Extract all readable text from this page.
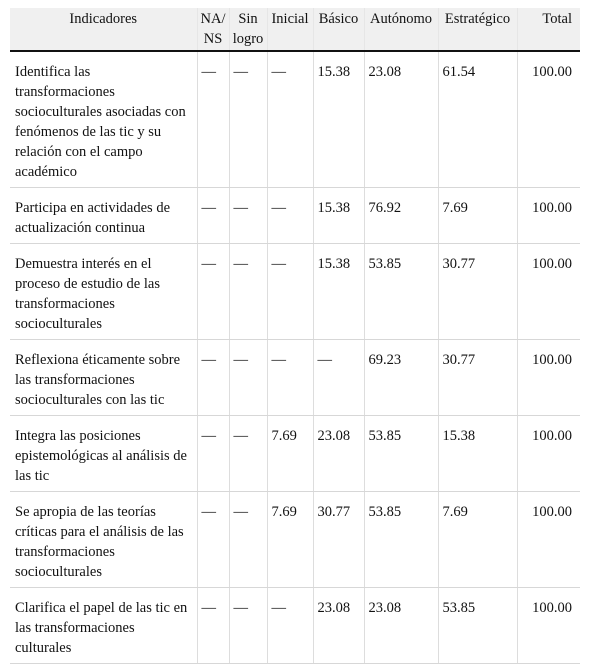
Indicadores	NA/ NS	Sin logro	Inicial	Básico	Autónomo	Estratégico	Total
Identifica las transformaciones socioculturales asociadas con fenómenos de las tic y su relación con el campo académico	—	—	—	15.38	23.08	61.54	100.00
Participa en actividades de actualización continua	—	—	—	15.38	76.92	7.69	100.00
Demuestra interés en el proceso de estudio de las transformaciones socioculturales	—	—	—	15.38	53.85	30.77	100.00
Reflexiona éticamente sobre las transformaciones socioculturales con las tic	—	—	—	—	69.23	30.77	100.00
Integra las posiciones epistemológicas al análisis de las tic	—	—	7.69	23.08	53.85	15.38	100.00
Se apropia de las teorías críticas para el análisis de las transformaciones socioculturales	—	—	7.69	30.77	53.85	7.69	100.00
Clarifica el papel de las tic en las transformaciones culturales	—	—	—	23.08	23.08	53.85	100.00
